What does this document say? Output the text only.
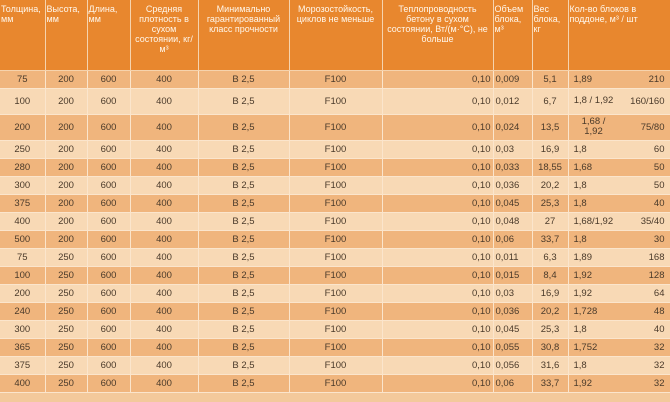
Толщина, мм	Высота, мм	Длина, мм	Средняя плотность в сухом состоянии, кг/м³	Минимально гарантированный класс прочности	Морозостойкость, циклов не меньше	Теплопроводность бетону в сухом состоянии, Вт/(м·°С), не больше	Объем блока, м³	Вес блока, кг	Кол-во блоков в поддоне, м³ / шт
75	200	600	400	B 2,5	F100	0,10	0,009	5,1	1,89 210

100	200	600	400	B 2,5	F100	0,10	0,012	6,7	1,8 / 1,92 160/160

200	200	600	400	B 2,5	F100	0,10	0,024	13,5	1,68 / 1,92 75/80

250	200	600	400	B 2,5	F100	0,10	0,03	16,9	1,8 60

280	200	600	400	B 2,5	F100	0,10	0,033	18,55	1,68 50

300	200	600	400	B 2,5	F100	0,10	0,036	20,2	1,8 50

375	200	600	400	B 2,5	F100	0,10	0,045	25,3	1,8 40

400	200	600	400	B 2,5	F100	0,10	0,048	27	1,68/1,92 35/40

500	200	600	400	B 2,5	F100	0,10	0,06	33,7	1,8 30

75	250	600	400	B 2,5	F100	0,10	0,011	6,3	1,89 168

100	250	600	400	B 2,5	F100	0,10	0,015	8,4	1,92 128

200	250	600	400	B 2,5	F100	0,10	0,03	16,9	1,92 64

240	250	600	400	B 2,5	F100	0,10	0,036	20,2	1,728 48

300	250	600	400	B 2,5	F100	0,10	0,045	25,3	1,8 40

365	250	600	400	B 2,5	F100	0,10	0,055	30,8	1,752 32

375	250	600	400	B 2,5	F100	0,10	0,056	31,6	1,8 32

400	250	600	400	B 2,5	F100	0,10	0,06	33,7	1,92 32
